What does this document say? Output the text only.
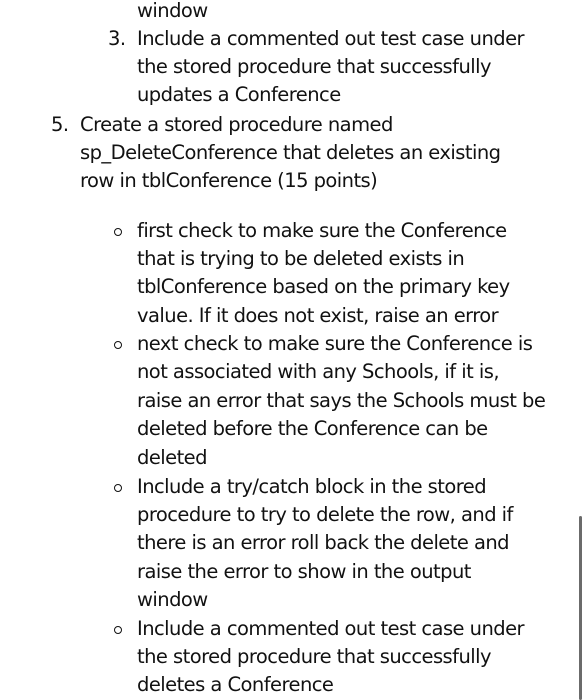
window
3. Include a commented out test case under
the stored procedure that successfully
updates a Conference
5. Create a stored procedure named
sp_DeleteConference that deletes an existing
row in tblConference (15 points)
first check to make sure the Conference
that is trying to be deleted exists in
tblConference based on the primary key
value. If it does not exist, raise an error
next check to make sure the Conference is
not associated with any Schools, if it is,
raise an error that says the Schools must be
deleted before the Conference can be
deleted
Include a try/catch block in the stored
procedure to try to delete the row, and if
there is an error roll back the delete and
raise the error to show in the output
window
Include a commented out test case under
the stored procedure that successfully
deletes a Conference
